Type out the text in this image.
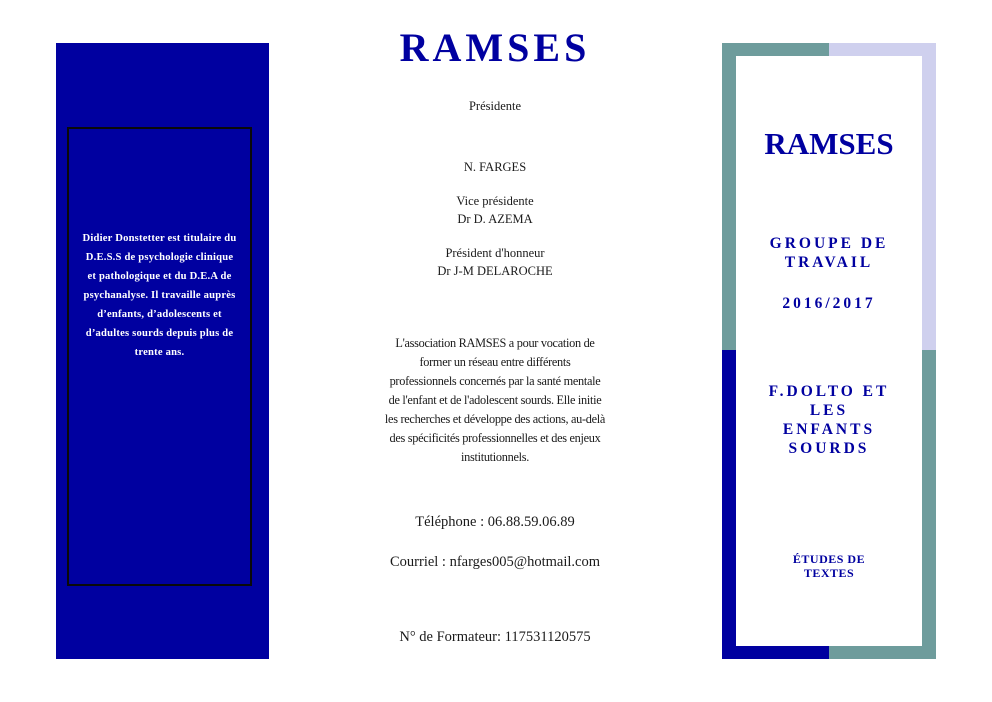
Didier Donstetter est titulaire du
D.E.S.S de psychologie clinique
et pathologique et du D.E.A de
psychanalyse. Il travaille auprès
d’enfants, d’adolescents et
d’adultes sourds depuis plus de
trente ans.

RAMSES

Présidente

N. FARGES

Vice présidente

Dr D. AZEMA

Président d'honneur

Dr J-M DELAROCHE

L'association RAMSES a pour vocation de
former un réseau entre différents
professionnels concernés par la santé mentale
de l'enfant et de l'adolescent sourds. Elle initie
les recherches et développe des actions, au-delà
des spécificités professionnelles et des enjeux
institutionnels.

Téléphone : 06.88.59.06.89

Courriel : nfarges005@hotmail.com

N° de Formateur: 117531120575

RAMSES

GROUPE DE
TRAVAIL

2016/2017

F.DOLTO ET
LES
ENFANTS
SOURDS

ÉTUDES DE
TEXTES
